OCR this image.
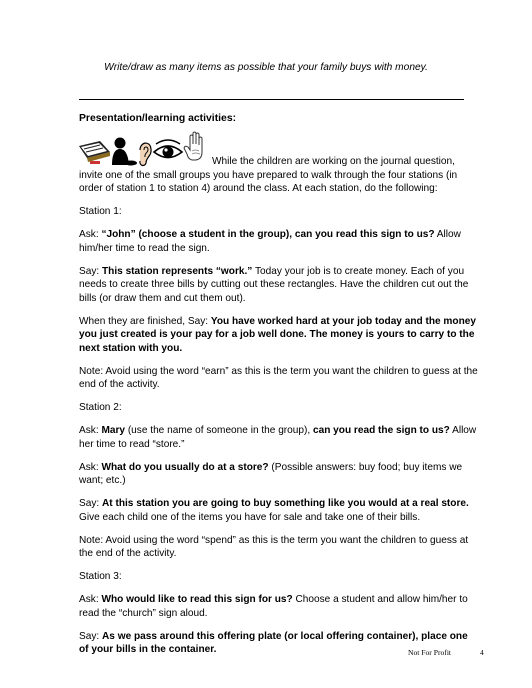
Write/draw as many items as possible that your family buys with money.
Presentation/learning activities:

While the children are working on the journal question, invite one of the small groups you have prepared to walk through the four stations (in order of station 1 to station 4) around the class. At each station, do the following:

Station 1:

Ask: “John” (choose a student in the group), can you read this sign to us? Allow him/her time to read the sign.

Say: This station represents “work.” Today your job is to create money. Each of you needs to create three bills by cutting out these rectangles. Have the children cut out the bills (or draw them and cut them out).

When they are finished, Say: You have worked hard at your job today and the money you just created is your pay for a job well done. The money is yours to carry to the next station with you.

Note: Avoid using the word “earn” as this is the term you want the children to guess at the end of the activity.

Station 2:

Ask: Mary (use the name of someone in the group), can you read the sign to us? Allow her time to read “store.”

Ask: What do you usually do at a store? (Possible answers: buy food; buy items we want; etc.)

Say: At this station you are going to buy something like you would at a real store. Give each child one of the items you have for sale and take one of their bills.

Note: Avoid using the word “spend” as this is the term you want the children to guess at the end of the activity.

Station 3:

Ask: Who would like to read this sign for us? Choose a student and allow him/her to read the “church” sign aloud.

Say: As we pass around this offering plate (or local offering container), place one of your bills in the container.	Not For Profit	4
